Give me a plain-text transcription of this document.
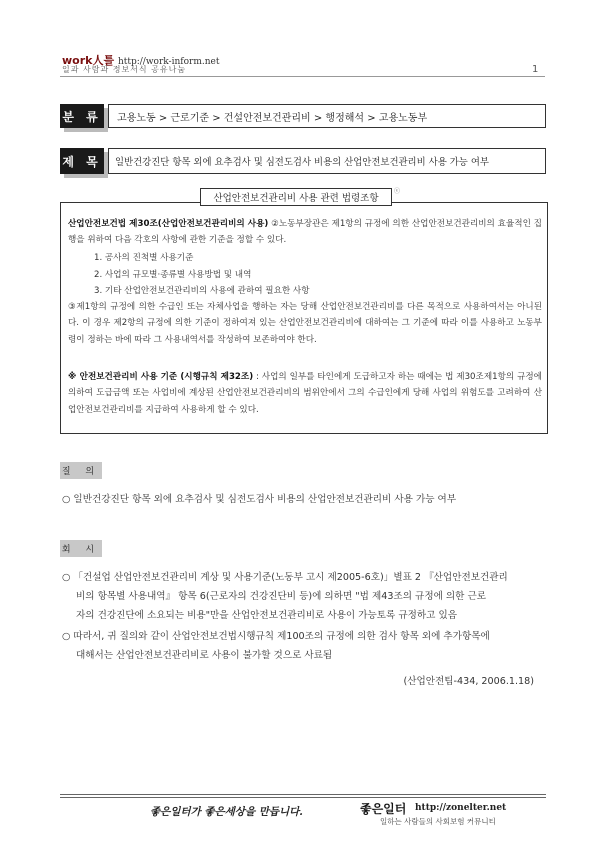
work人틀 http://work-inform.net
일과 사람과 정보서식 공유나눔	1
분 류	고용노동 > 근로기준 > 건설안전보건관리비 > 행정해석 > 고용노동부
제 목	일반건강진단 항목 외에 요추검사 및 심전도검사 비용의 산업안전보건관리비 사용 가능 여부
산업안전보건관리비 사용 관련 법령조항
ⓥ
산업안전보건법 제30조(산업안전보건관리비의 사용) ②노동부장관은 제1항의 규정에 의한 산업안전보건관리비의 효율적인 집행을 위하여 다음 각호의 사항에 관한 기준을 정할 수 있다.
1. 공사의 진척별 사용기준
2. 사업의 규모별·종류별 사용방법 및 내역
3. 기타 산업안전보건관리비의 사용에 관하여 필요한 사항
③제1항의 규정에 의한 수급인 또는 자체사업을 행하는 자는 당해 산업안전보건관리비를 다른 목적으로 사용하여서는 아니된다. 이 경우 제2항의 규정에 의한 기준이 정하여져 있는 산업안전보건관리비에 대하여는 그 기준에 따라 이를 사용하고 노동부령이 정하는 바에 따라 그 사용내역서를 작성하여 보존하여야 한다.
※ 안전보건관리비 사용 기준 (시행규칙 제32조) : 사업의 일부를 타인에게 도급하고자 하는 때에는 법 제30조제1항의 규정에 의하여 도급금액 또는 사업비에 계상된 산업안전보건관리비의 범위안에서 그의 수급인에게 당해 사업의 위험도를 고려하여 산업안전보건관리비를 지급하여 사용하게 할 수 있다.
질 의
○ 일반건강진단 항목 외에 요추검사 및 심전도검사 비용의 산업안전보건관리비 사용 가능 여부
회 시
○ 「건설업 산업안전보건관리비 계상 및 사용기준(노동부 고시 제2005-6호)」별표 2 『산업안전보건관리
비의 항목별 사용내역』 항목 6(근로자의 건강진단비 등)에 의하면 "법 제43조의 규정에 의한 근로
자의 건강진단에 소요되는 비용"만을 산업안전보건관리비로 사용이 가능토록 규정하고 있음
○ 따라서, 귀 질의와 같이 산업안전보건법시행규칙 제100조의 규정에 의한 검사 항목 외에 추가항목에
대해서는 산업안전보건관리비로 사용이 불가할 것으로 사료됨
(산업안전팀-434, 2006.1.18)
좋은일터가 좋은세상을 만듭니다.	좋은일터 http://zonelter.net
일하는 사람들의 사회보험 커뮤니티
